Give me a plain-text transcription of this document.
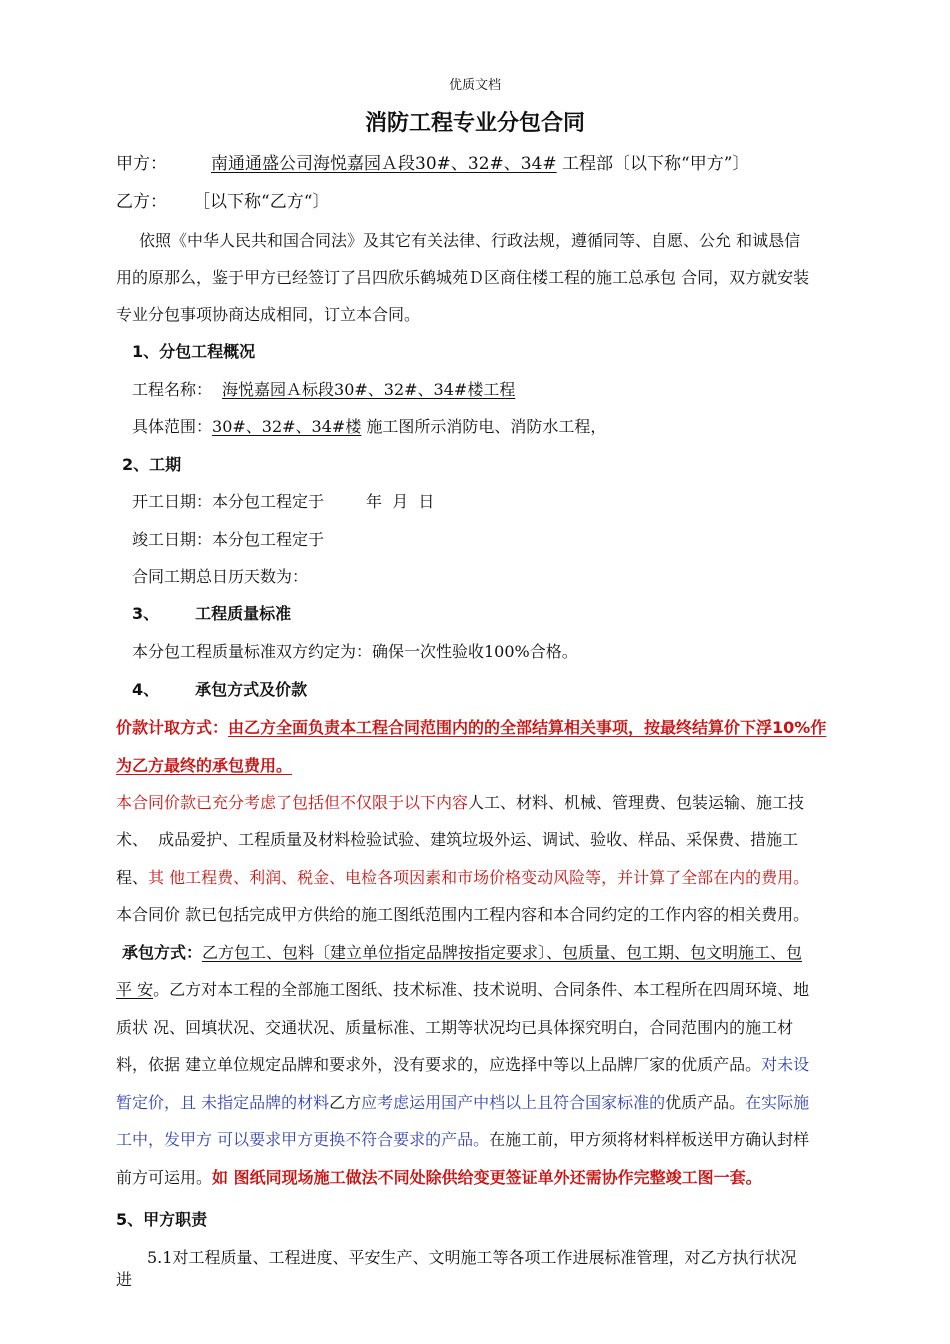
优质文档
消防工程专业分包合同
甲方：	南通通盛公司海悦嘉园Ａ段30#、32#、34# 工程部〔以下称“甲方”〕
乙方： ［以下称“乙方“〕
依照《中华人民共和国合同法》及其它有关法律、行政法规，遵循同等、自愿、公允 和诚恳信
用的原那么，鉴于甲方已经签订了吕四欣乐鹤城苑Ｄ区商住楼工程的施工总承包 合同，双方就安装
专业分包事项协商达成相同，订立本合同。
1、分包工程概况
工程名称： 海悦嘉园Ａ标段30#、32#、34#楼工程
具体范围：30#、32#、34#楼 施工图所示消防电、消防水工程，
2、工期
开工日期：本分包工程定于	年  月  日
竣工日期：本分包工程定于
合同工期总日历天数为：
3、 工程质量标准
本分包工程质量标准双方约定为：确保一次性验收100%合格。
4、 承包方式及价款
价款计取方式：由乙方全面负责本工程合同范围内的的全部结算相关事项，按最终结算价下浮10%作
为乙方最终的承包费用。
本合同价款已充分考虑了包括但不仅限于以下内容人工、材料、机械、管理费、包装运输、施工技
术、  成品爱护、工程质量及材料检验试验、建筑垃圾外运、调试、验收、样品、采保费、措施工
程、其 他工程费、利润、税金、电检各项因素和市场价格变动风险等，并计算了全部在内的费用。
本合同价 款已包括完成甲方供给的施工图纸范围内工程内容和本合同约定的工作内容的相关费用。
承包方式：乙方包工、包料〔建立单位指定品牌按指定要求〕、包质量、包工期、包文明施工、包
平 安。乙方对本工程的全部施工图纸、技术标准、技术说明、合同条件、本工程所在四周环境、地
质状 况、回填状况、交通状况、质量标准、工期等状况均已具体探究明白，合同范围内的施工材
料，依据 建立单位规定品牌和要求外，没有要求的，应选择中等以上品牌厂家的优质产品。对未设
暂定价，且 未指定品牌的材料乙方应考虑运用国产中档以上且符合国家标准的优质产品。在实际施
工中，发甲方 可以要求甲方更换不符合要求的产品。在施工前，甲方须将材料样板送甲方确认封样
前方可运用。如 图纸同现场施工做法不同处除供给变更签证单外还需协作完整竣工图一套。
5、甲方职责
5.1对工程质量、工程进度、平安生产、文明施工等各项工作进展标准管理，对乙方执行状况
进
